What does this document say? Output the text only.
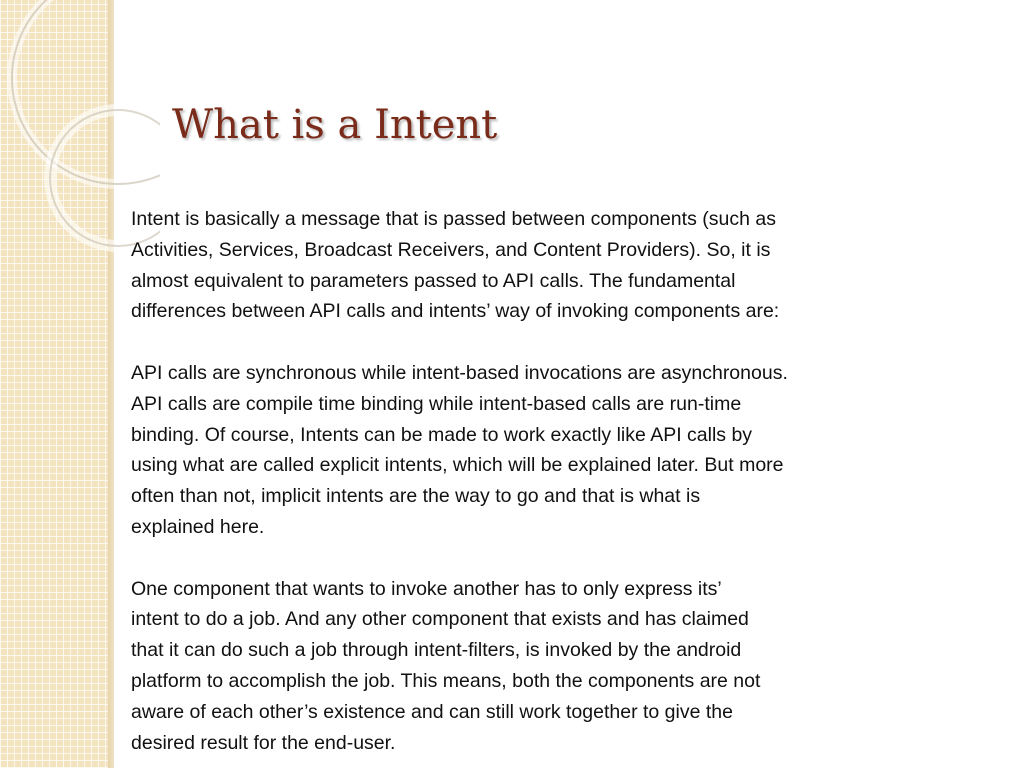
What is a Intent

Intent is basically a message that is passed between components (such as
Activities, Services, Broadcast Receivers, and Content Providers). So, it is
almost equivalent to parameters passed to API calls. The fundamental
differences between API calls and intents’ way of invoking components are:

API calls are synchronous while intent-based invocations are asynchronous.
API calls are compile time binding while intent-based calls are run-time
binding. Of course, Intents can be made to work exactly like API calls by
using what are called explicit intents, which will be explained later. But more
often than not, implicit intents are the way to go and that is what is
explained here.

One component that wants to invoke another has to only express its’
intent to do a job. And any other component that exists and has claimed
that it can do such a job through intent-filters, is invoked by the android
platform to accomplish the job. This means, both the components are not
aware of each other’s existence and can still work together to give the
desired result for the end-user.
